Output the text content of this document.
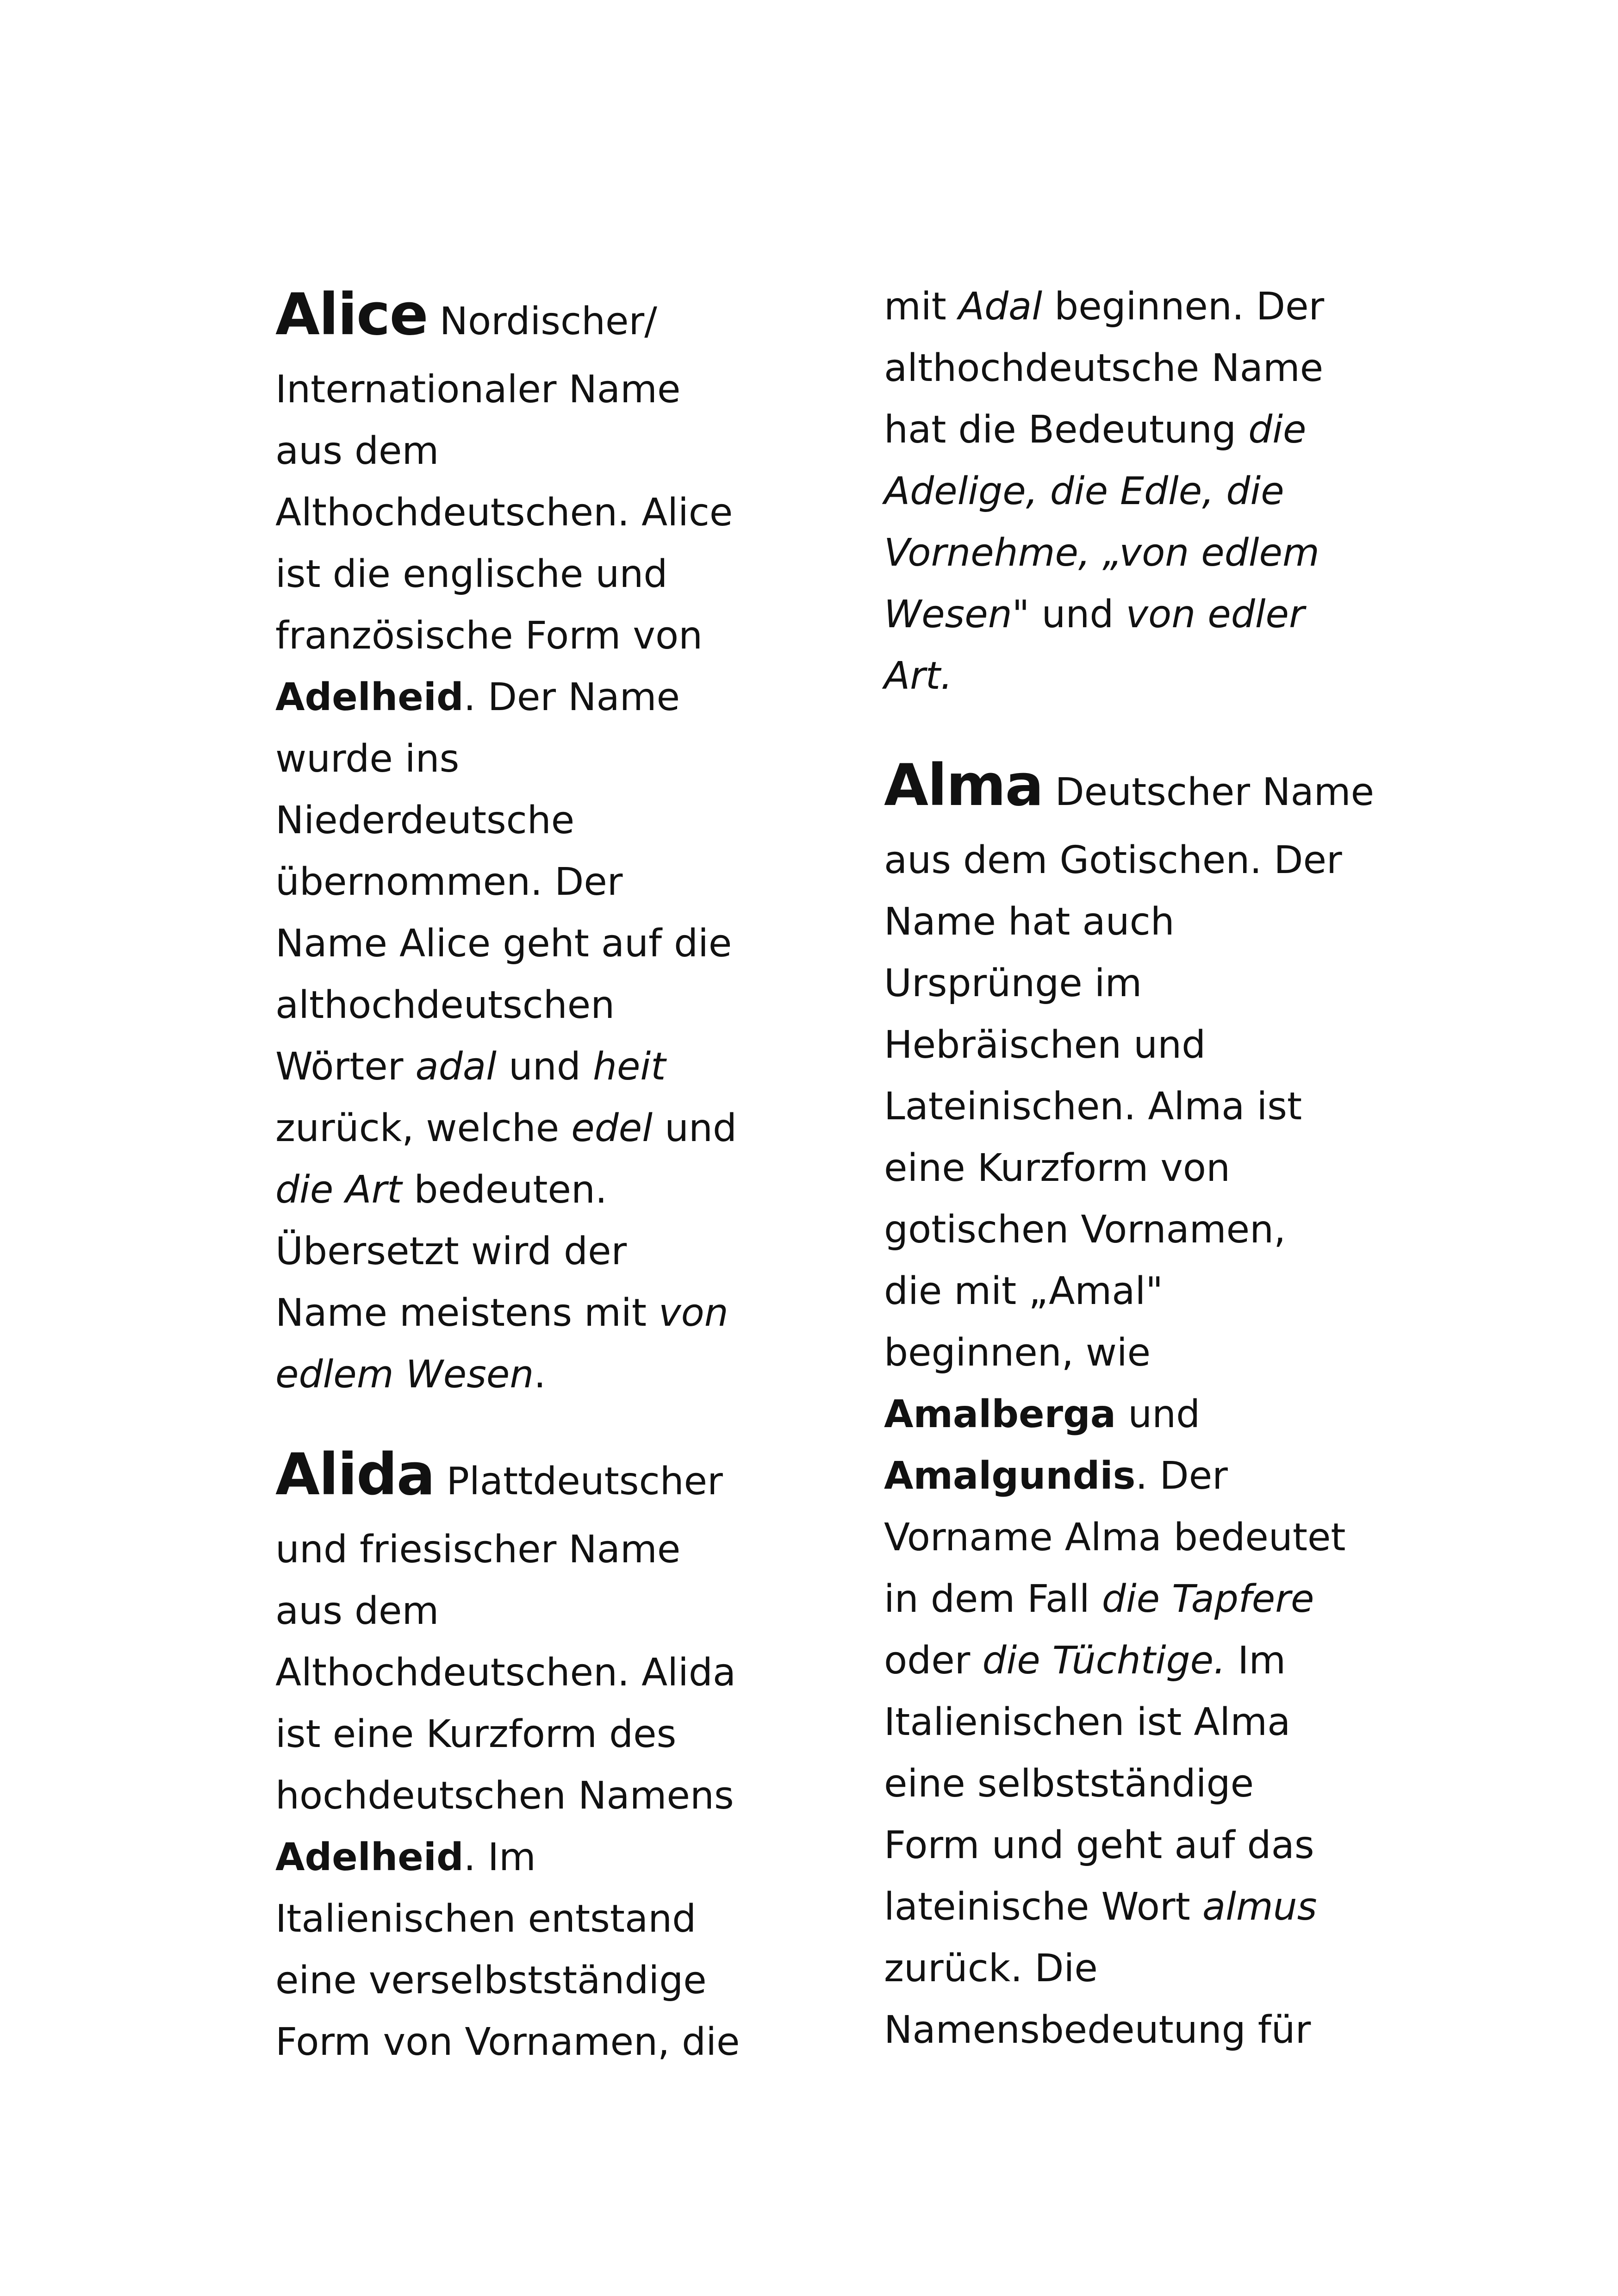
Alice Nordischer/
Internationaler Name
aus dem
Althochdeutschen. Alice
ist die englische und
französische Form von
Adelheid. Der Name
wurde ins
Niederdeutsche
übernommen. Der
Name Alice geht auf die
althochdeutschen
Wörter adal und heit
zurück, welche edel und
die Art bedeuten.
Übersetzt wird der
Name meistens mit von
edlem Wesen.
Alida Plattdeutscher
und friesischer Name
aus dem
Althochdeutschen. Alida
ist eine Kurzform des
hochdeutschen Namens
Adelheid. Im
Italienischen entstand
eine verselbstständige
Form von Vornamen, die
mit Adal beginnen. Der
althochdeutsche Name
hat die Bedeutung die
Adelige, die Edle, die
Vornehme, „von edlem
Wesen" und von edler
Art.
Alma Deutscher Name
aus dem Gotischen. Der
Name hat auch
Ursprünge im
Hebräischen und
Lateinischen. Alma ist
eine Kurzform von
gotischen Vornamen,
die mit „Amal"
beginnen, wie
Amalberga und
Amalgundis. Der
Vorname Alma bedeutet
in dem Fall die Tapfere
oder die Tüchtige. Im
Italienischen ist Alma
eine selbstständige
Form und geht auf das
lateinische Wort almus
zurück. Die
Namensbedeutung für
